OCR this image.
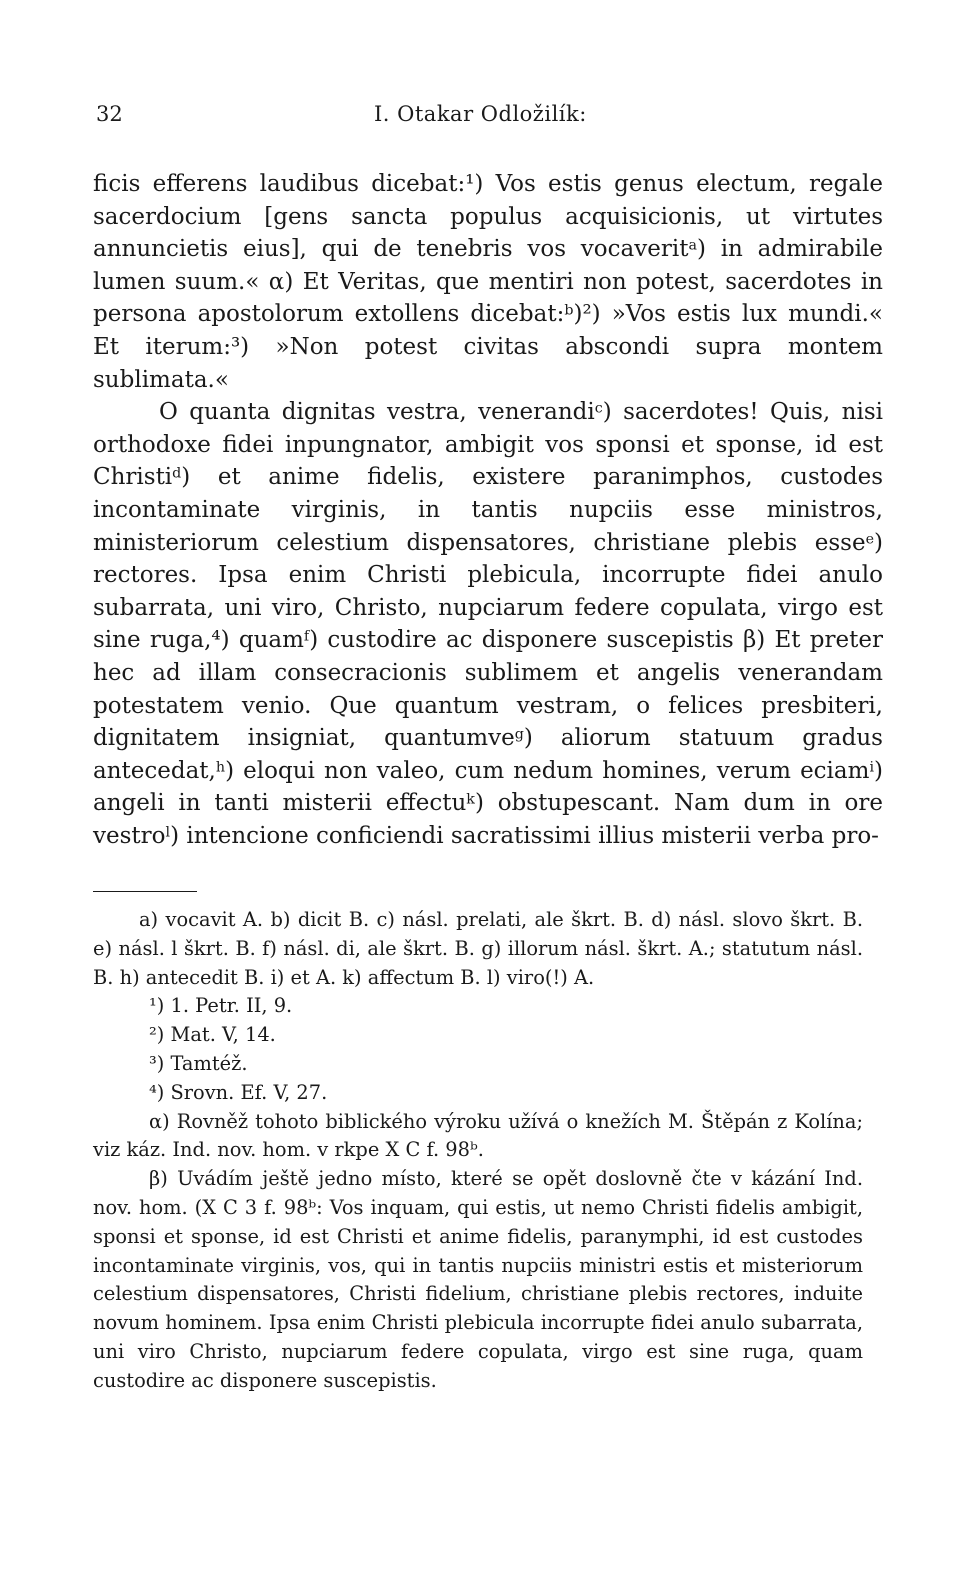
32	I. Otakar Odložilík:

ficis efferens laudibus dicebat:¹) Vos estis genus electum, regale sacerdocium [gens sancta populus acquisicionis, ut virtutes annuncietis eius], qui de tenebris vos vocaverit$^a$) in admirabile lumen suum.« α) Et Veritas, que mentiri non potest, sacerdotes in persona apostolorum extollens dicebat:$^b$)²) »Vos estis lux mundi.« Et iterum:³) »Non potest civitas abscondi supra montem sublimata.«

O quanta dignitas vestra, venerandi$^c$) sacerdotes! Quis, nisi orthodoxe fidei inpungnator, ambigit vos sponsi et sponse, id est Christi$^d$) et anime fidelis, existere paranimphos, custodes incontaminate virginis, in tantis nupciis esse ministros, ministeriorum celestium dispensatores, christiane plebis esse$^e$) rectores. Ipsa enim Christi plebicula, incorrupte fidei anulo subarrata, uni viro, Christo, nupciarum federe copulata, virgo est sine ruga,⁴) quam$^f$) custodire ac disponere suscepistis β) Et preter hec ad illam consecracionis sublimem et angelis venerandam potestatem venio. Que quantum vestram, o felices presbiteri, dignitatem insigniat, quantumve$^g$) aliorum statuum gradus antecedat,$^h$) eloqui non valeo, cum nedum homines, verum eciam$^i$) angeli in tanti misterii effectu$^k$) obstupescant. Nam dum in ore vestro$^l$) intencione conficiendi sacratissimi illius misterii verba pro-

a) vocavit A. b) dicit B. c) násl. prelati, ale škrt. B. d) násl. slovo škrt. B. e) násl. l škrt. B. f) násl. di, ale škrt. B. g) illorum násl. škrt. A.; statutum násl. B. h) antecedit B. i) et A. k) affectum B. l) viro(!) A.

¹) 1. Petr. II, 9.

²) Mat. V, 14.

³) Tamtéž.

⁴) Srovn. Ef. V, 27.

α) Rovněž tohoto biblického výroku užívá o knežích M. Štěpán z Kolína; viz káz. Ind. nov. hom. v rkpe X C f. 98ᵇ.

β) Uvádím ještě jedno místo, které se opět doslovně čte v kázání Ind. nov. hom. (X C 3 f. 98ᵇ: Vos inquam, qui estis, ut nemo Christi fidelis ambigit, sponsi et sponse, id est Christi et anime fidelis, paranymphi, id est custodes incontaminate virginis, vos, qui in tantis nupciis ministri estis et misteriorum celestium dispensatores, Christi fidelium, christiane plebis rectores, induite novum hominem. Ipsa enim Christi plebicula incorrupte fidei anulo subarrata, uni viro Christo, nupciarum federe copulata, virgo est sine ruga, quam custodire ac disponere suscepistis.
